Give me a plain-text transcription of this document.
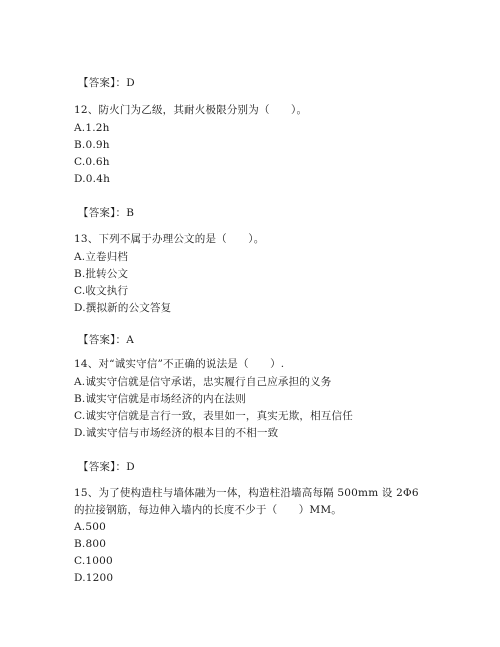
【答案】：D
12、防火门为乙级，其耐火极限分别为（　　）。
A.1.2h
B.0.9h
C.0.6h
D.0.4h
【答案】：B
13、下列不属于办理公文的是（　　）。
A.立卷归档
B.批转公文
C.收文执行
D.撰拟新的公文答复
【答案】：A
14、对“诚实守信”不正确的说法是（　　）.
A.诚实守信就是信守承诺，忠实履行自己应承担的义务
B.诚实守信就是市场经济的内在法则
C.诚实守信就是言行一致，表里如一，真实无欺，相互信任
D.诚实守信与市场经济的根本目的不相一致
【答案】：D
15、为了使构造柱与墙体融为一体，构造柱沿墙高每隔 500mm 设 2Φ6
的拉接钢筋，每边伸入墙内的长度不少于（　　）MM。
A.500
B.800
C.1000
D.1200
